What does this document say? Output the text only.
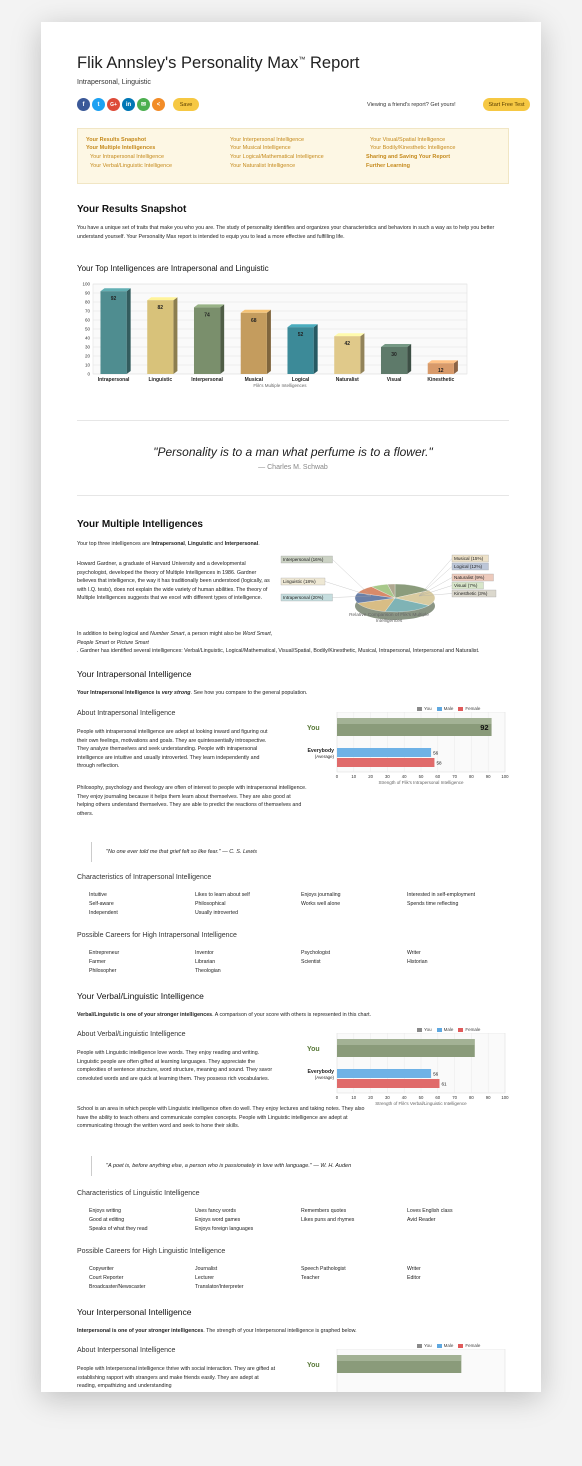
Flik Annsley's Personality Max™ Report
Intrapersonal, Linguistic
f	t	G+	in	✉	<	Save	Viewing a friend's report? Get yours!	Start Free Test
Your Results Snapshot
Your Multiple Intelligences
Your Intrapersonal Intelligence
Your Verbal/Linguistic Intelligence
Your Interpersonal Intelligence
Your Musical Intelligence
Your Logical/Mathematical Intelligence
Your Naturalist Intelligence
Your Visual/Spatial Intelligence
Your Bodily/Kinesthetic Intelligence
Sharing and Saving Your Report
Further Learning
Your Results Snapshot

You have a unique set of traits that make you who you are. The study of personality identifies and organizes your characteristics and behaviors in such a way as to help you better understand yourself. Your Personality Max report is intended to equip you to lead a more effective and fulfilling life.

Your Top Intelligences are Intrapersonal and Linguistic
0
10
20
30
40
50
60
70
80
90
100
92
Intrapersonal
82
Linguistic
74
Interpersonal
68
Musical
52
Logical
42
Naturalist
30
Visual
12
Kinesthetic
Flik's Multiple Intelligences
"Personality is to a man what perfume is to a flower."
— Charles M. Schwab
Your Multiple Intelligences

Your top three intelligences are Intrapersonal, Linguistic and Interpersonal.

Howard Gardner, a graduate of Harvard University and a developmental psychologist, developed the theory of Multiple Intelligences in 1986. Gardner believes that intelligence, the way it has traditionally been understood (logically, as with I.Q. tests), does not explain the wide variety of human abilities. The theory of Multiple Intelligences suggests that we excel with different types of intelligence.

In addition to being logical and Number Smart, a person might also be Word Smart, People Smart or Picture Smart

. Gardner has identified several intelligences: Verbal/Linguistic, Logical/Mathematical, Visual/Spatial, Bodily/Kinesthetic, Musical, Intrapersonal, Interpersonal and Naturalist.

Interpersonal (16%)
Linguistic (18%)
Intrapersonal (20%)
Musical (15%)
Logical (12%)
Naturalist (9%)
Visual (7%)
Kinesthetic (3%)
Relative Comparison of Flik's Multiple Intelligences
Your Intrapersonal Intelligence

Your Intrapersonal Intelligence is very strong. See how you compare to the general population.

About Intrapersonal Intelligence

People with intrapersonal intelligence are adept at looking inward and figuring out their own feelings, motivations and goals. They are quintessentially introspective. They analyze themselves and seek understanding. People with intrapersonal intelligence are intuitive and usually introverted. They learn independently and through reflection.

Philosophy, psychology and theology are often of interest to people with intrapersonal intelligence. They enjoy journaling because it helps them learn about themselves. They are also good at helping others understand themselves. They are able to predict the reactions of themselves and others.

You	Male	Female
0	10	20	30	40	50	60	70	80	90	100
You	92
Everybody
(Average)
56
58
Strength of Flik's Intrapersonal Intelligence
"No one ever told me that grief felt so like fear." — C. S. Lewis
Characteristics of Intrapersonal Intelligence
Intuitive	Likes to learn about self	Enjoys journaling	Interested in self-employment
Self-aware	Philosophical	Works well alone	Spends time reflecting
Independent	Usually introverted
Possible Careers for High Intrapersonal Intelligence
Entrepreneur	Inventor	Psychologist	Writer
Farmer	Librarian	Scientist	Historian
Philosopher	Theologian
Your Verbal/Linguistic Intelligence

Verbal/Linguistic is one of your stronger intelligences. A comparison of your score with others is represented in this chart.

About Verbal/Linguistic Intelligence

People with Linguistic intelligence love words. They enjoy reading and writing. Linguistic people are often gifted at learning languages. They appreciate the complexities of sentence structure, word structure, meaning and sound. They savor convoluted words and are quick at learning them. They possess rich vocabularies.

School is an area in which people with Linguistic intelligence often do well. They enjoy lectures and taking notes. They also have the ability to teach others and communicate complex concepts. People with Linguistic intelligence are adept at communicating through the written word and seek to hone their skills.

You	Male	Female
0	10	20	30	40	50	60	70	80	90	100
You
Everybody
(Average)
56
61
Strength of Flik's Verbal/Linguistic Intelligence
"A poet is, before anything else, a person who is passionately in love with language." — W. H. Auden
Characteristics of Linguistic Intelligence
Enjoys writing	Uses fancy words	Remembers quotes	Loves English class
Good at editing	Enjoys word games	Likes puns and rhymes	Avid Reader
Speaks of what they read	Enjoys foreign languages
Possible Careers for High Linguistic Intelligence
Copywriter	Journalist	Speech Pathologist	Writer
Court Reporter	Lecturer	Teacher	Editor
Broadcaster/Newscaster	Translator/Interpreter
Your Interpersonal Intelligence

Interpersonal is one of your stronger intelligences. The strength of your Interpersonal intelligence is graphed below.

About Interpersonal Intelligence

People with Interpersonal intelligence thrive with social interaction. They are gifted at establishing rapport with strangers and make friends easily. They are adept at reading, empathizing and understanding

You	Male	Female
You
